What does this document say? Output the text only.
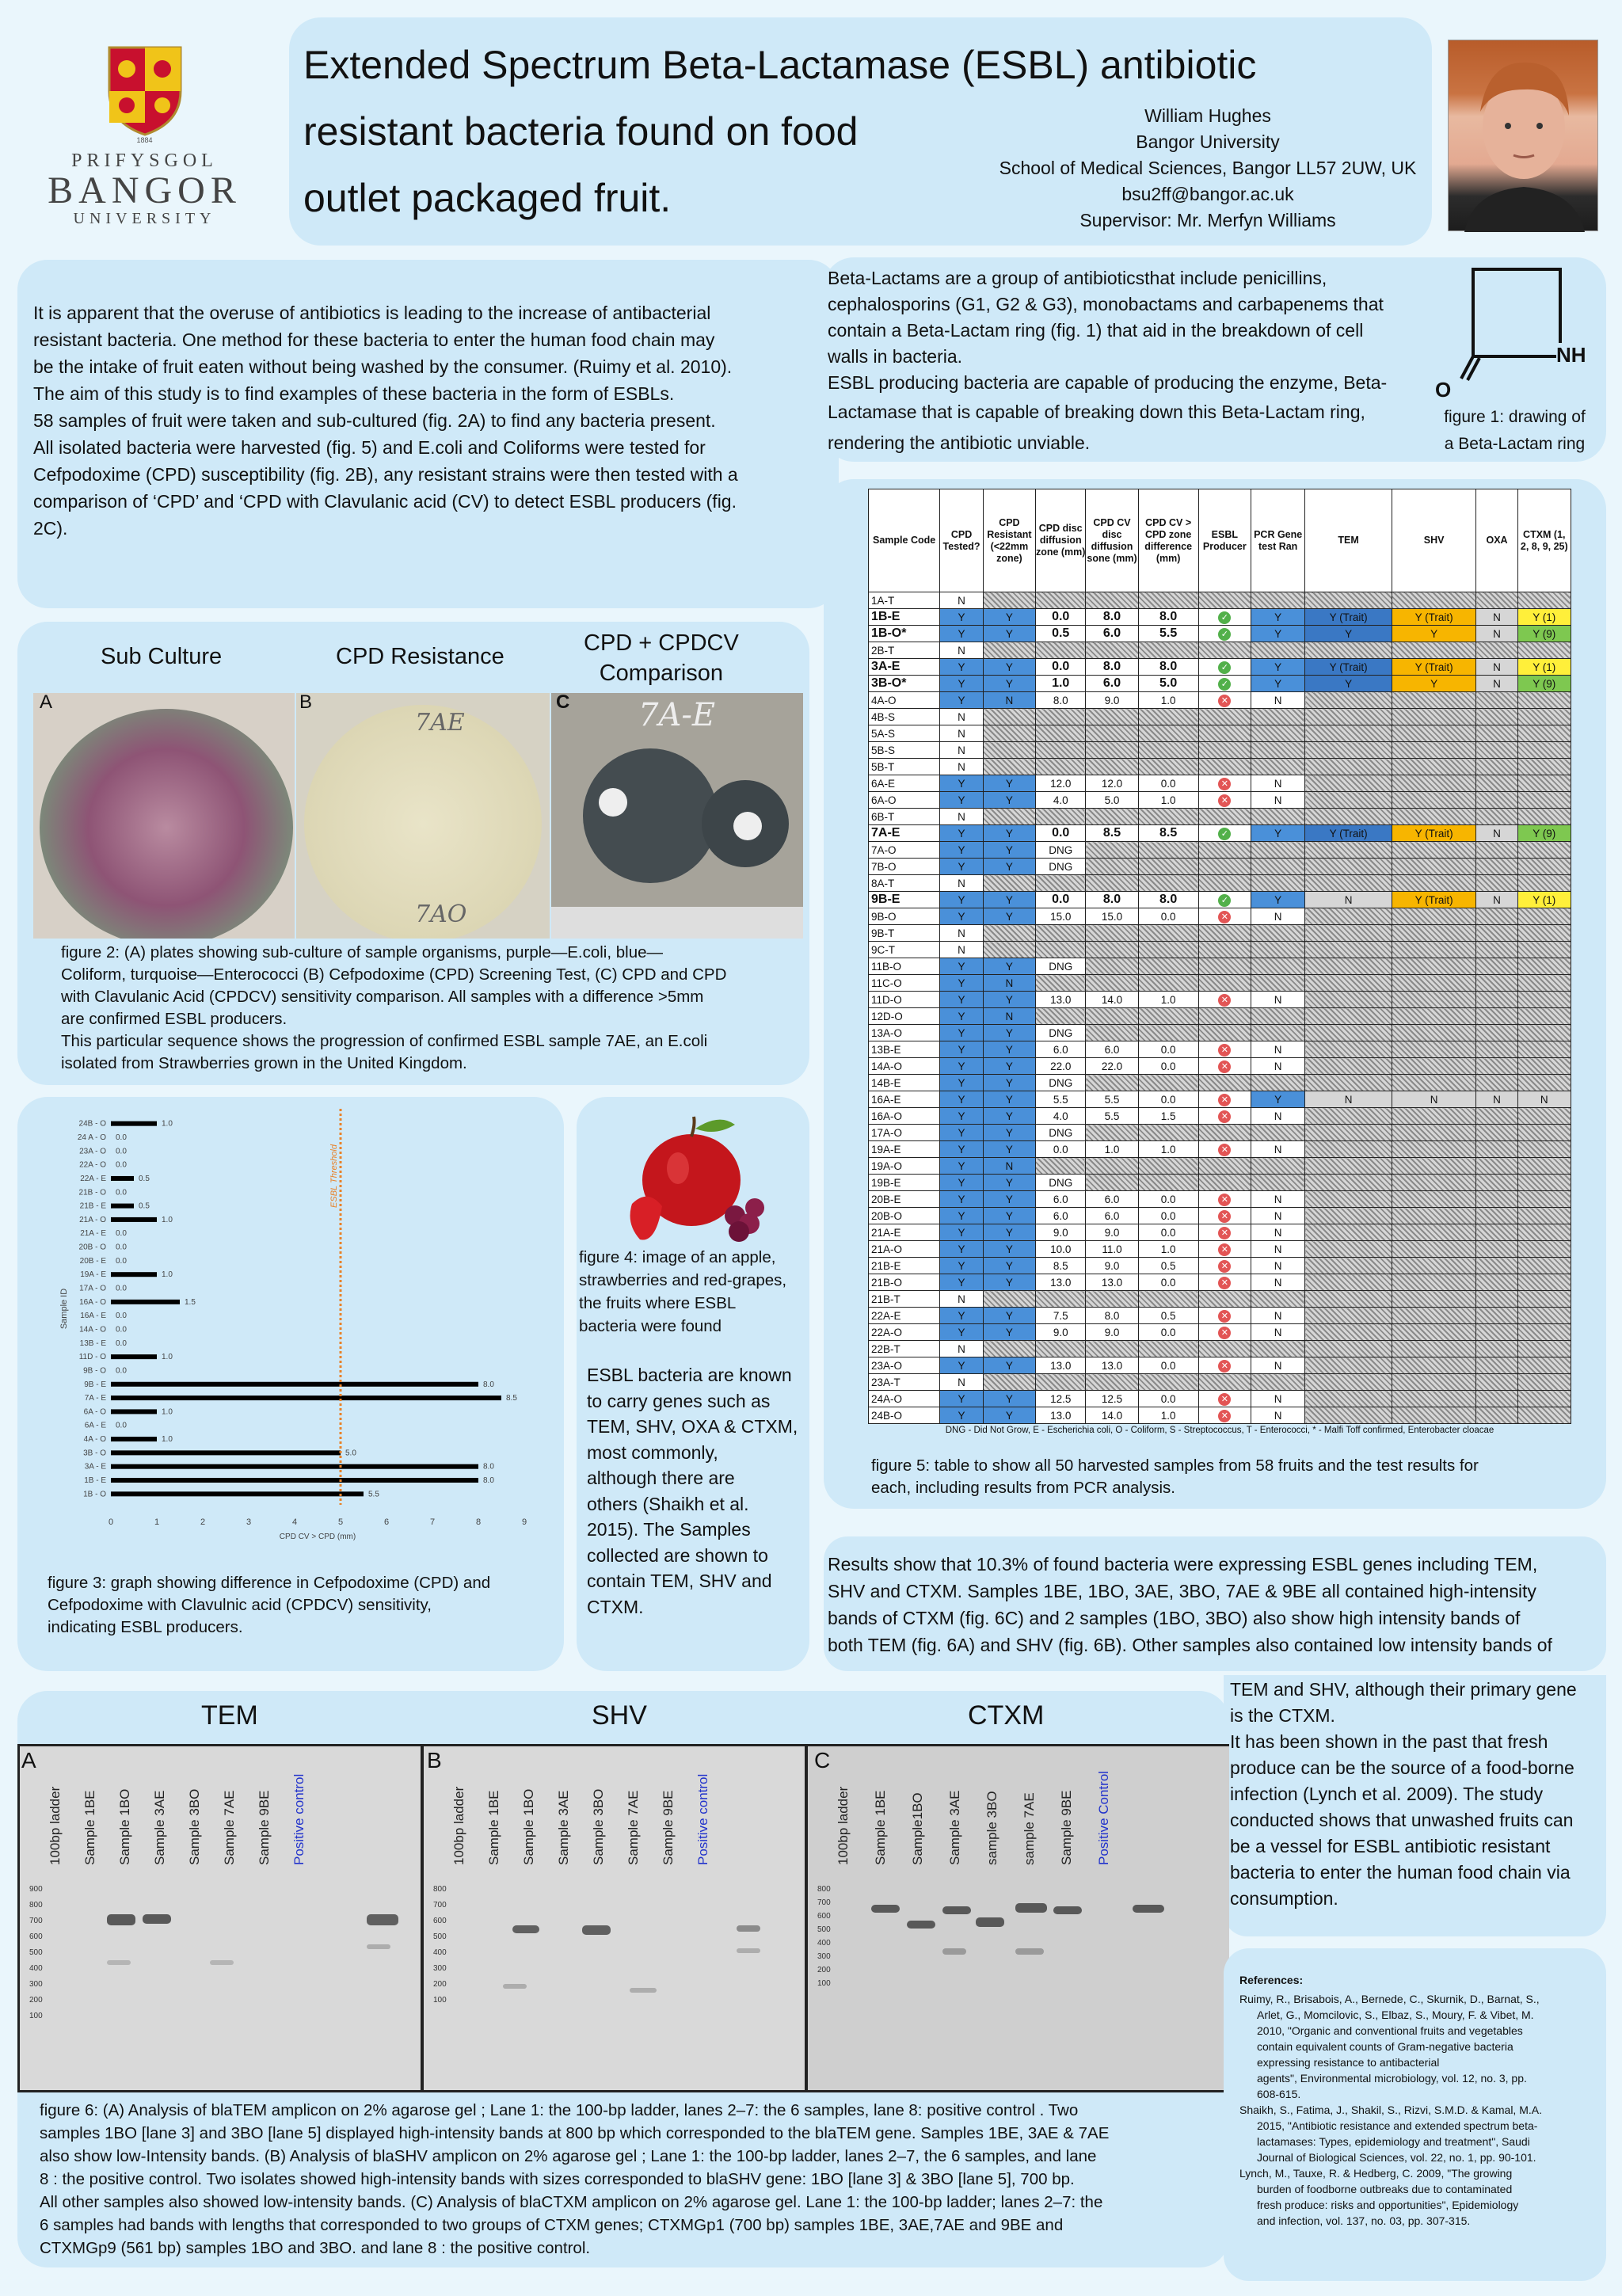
1884
PRIFYSGOL
BANGOR
UNIVERSITY
Extended Spectrum Beta-Lactamase (ESBL) antibiotic
resistant bacteria found on food
outlet packaged fruit.
William Hughes
Bangor University
School of Medical Sciences, Bangor LL57 2UW, UK
bsu2ff@bangor.ac.uk
Supervisor: Mr. Merfyn Williams

It is apparent that the overuse of antibiotics is leading to the increase of antibacterial

resistant bacteria. One method for these bacteria to enter the human food chain may

be the intake of fruit eaten without being washed by the consumer. (Ruimy et al. 2010).

The aim of this study is to find examples of these bacteria in the form of ESBLs.

58 samples of fruit were taken and sub-cultured (fig. 2A) to find any bacteria present.

All isolated bacteria were harvested (fig. 5) and E.coli and Coliforms were tested for

Cefpodoxime (CPD) susceptibility (fig. 2B), any resistant strains were then tested with a

comparison of ‘CPD’ and ‘CPD with Clavulanic acid (CV) to detect ESBL producers (fig.

2C).

Beta-Lactams are a group of antibioticsthat include penicillins,

cephalosporins (G1, G2 & G3), monobactams and carbapenems that

contain a Beta-Lactam ring (fig. 1) that aid in the breakdown of cell

walls in bacteria.

ESBL producing bacteria are capable of producing the enzyme, Beta-

Lactamase that is capable of breaking down this Beta-Lactam ring,

rendering the antibiotic unviable.

NH
O
figure 1: drawing of
a Beta-Lactam ring
Sub Culture	CPD Resistance
CPD + CPDCV
Comparison
A
7AE
7AO
B	7A-E
C
figure 2: (A) plates showing sub-culture of sample organisms, purple—E.coli, blue—
Coliform, turquoise—Enterococci (B) Cefpodoxime (CPD) Screening Test, (C) CPD and CPD
with Clavulanic Acid (CPDCV) sensitivity comparison. All samples with a difference >5mm
are confirmed ESBL producers.
This particular sequence shows the progression of confirmed ESBL sample 7AE, an E.coli
isolated from Strawberries grown in the United Kingdom.
24B - O	1.0
24 A - O 0.0
23A - O 0.0
22A - O 0.0
22A - E	0.5
21B - O 0.0
21B - E	0.5
21A - O	1.0
21A - E 0.0
20B - O 0.0
20B - E 0.0
19A - E	1.0
17A - O 0.0
16A - O	1.5
16A - E 0.0
14A - O 0.0
13B - E 0.0
11D - O	1.0
9B - O 0.0
9B - E	8.0
7A - E	8.5
6A - O	1.0
6A - E 0.0
4A - O	1.0
3B - O	5.0
3A - E	8.0
1B - E	8.0
1B - O	5.5
0	1	2	3	4	5	6	7	8	9
CPD CV > CPD (mm)
Sample ID
ESBL Threshold
figure 3: graph showing difference in Cefpodoxime (CPD) and
Cefpodoxime with Clavulnic acid (CPDCV) sensitivity,
indicating ESBL producers.
figure 4: image of an apple,
strawberries and red-grapes,
the fruits where ESBL
bacteria were found
ESBL bacteria are known
to carry genes such as
TEM, SHV, OXA & CTXM,
most commonly,
although there are
others (Shaikh et al.
2015). The Samples
collected are shown to
contain TEM, SHV and
CTXM.
Sample Code	CPD Tested?	CPD Resistant (<22mm zone)	CPD disc diffusion zone (mm)	CPD CV disc diffusion sone (mm)	CPD CV > CPD zone difference (mm)	ESBL Producer	PCR Gene test Ran	TEM	SHV	OXA	CTXM (1, 2, 8, 9, 25)
1A-T	N										
1B-E	Y	Y	0.0	8.0	8.0	✓	Y	Y (Trait)	Y (Trait)	N	Y (1)
1B-O*	Y	Y	0.5	6.0	5.5	✓	Y	Y	Y	N	Y (9)
2B-T	N										
3A-E	Y	Y	0.0	8.0	8.0	✓	Y	Y (Trait)	Y (Trait)	N	Y (1)
3B-O*	Y	Y	1.0	6.0	5.0	✓	Y	Y	Y	N	Y (9)
4A-O	Y	N	8.0	9.0	1.0	✕	N				
4B-S	N										
5A-S	N										
5B-S	N										
5B-T	N										
6A-E	Y	Y	12.0	12.0	0.0	✕	N				
6A-O	Y	Y	4.0	5.0	1.0	✕	N				
6B-T	N										
7A-E	Y	Y	0.0	8.5	8.5	✓	Y	Y (Trait)	Y (Trait)	N	Y (9)
7A-O	Y	Y	DNG								
7B-O	Y	Y	DNG								
8A-T	N										
9B-E	Y	Y	0.0	8.0	8.0	✓	Y	N	Y (Trait)	N	Y (1)
9B-O	Y	Y	15.0	15.0	0.0	✕	N				
9B-T	N										
9C-T	N										
11B-O	Y	Y	DNG								
11C-O	Y	N									
11D-O	Y	Y	13.0	14.0	1.0	✕	N				
12D-O	Y	N									
13A-O	Y	Y	DNG								
13B-E	Y	Y	6.0	6.0	0.0	✕	N				
14A-O	Y	Y	22.0	22.0	0.0	✕	N				
14B-E	Y	Y	DNG								
16A-E	Y	Y	5.5	5.5	0.0	✕	Y	N	N	N	N
16A-O	Y	Y	4.0	5.5	1.5	✕	N				
17A-O	Y	Y	DNG								
19A-E	Y	Y	0.0	1.0	1.0	✕	N				
19A-O	Y	N									
19B-E	Y	Y	DNG								
20B-E	Y	Y	6.0	6.0	0.0	✕	N				
20B-O	Y	Y	6.0	6.0	0.0	✕	N				
21A-E	Y	Y	9.0	9.0	0.0	✕	N				
21A-O	Y	Y	10.0	11.0	1.0	✕	N				
21B-E	Y	Y	8.5	9.0	0.5	✕	N				
21B-O	Y	Y	13.0	13.0	0.0	✕	N				
21B-T	N										
22A-E	Y	Y	7.5	8.0	0.5	✕	N				
22A-O	Y	Y	9.0	9.0	0.0	✕	N				
22B-T	N										
23A-O	Y	Y	13.0	13.0	0.0	✕	N				
23A-T	N										
24A-O	Y	Y	12.5	12.5	0.0	✕	N				
24B-O	Y	Y	13.0	14.0	1.0	✕	N				
DNG - Did Not Grow, E - Escherichia coli, O - Coliform, S - Streptococcus, T - Enterococci, * - Malfi Toff confirmed, Enterobacter cloacae
figure 5: table to show all 50 harvested samples from 58 fruits and the test results for
each, including results from PCR analysis.

Results show that 10.3% of found bacteria were expressing ESBL genes including TEM,

SHV and CTXM. Samples 1BE, 1BO, 3AE, 3BO, 7AE & 9BE all contained high-intensity

bands of CTXM (fig. 6C) and 2 samples (1BO, 3BO) also show high intensity bands of

both TEM (fig. 6A) and SHV (fig. 6B). Other samples also contained low intensity bands of

TEM and SHV, although their primary gene
is the CTXM.
It has been shown in the past that fresh
produce can be the source of a food-borne
infection (Lynch et al. 2009). The study
conducted shows that unwashed fruits can
be a vessel for ESBL antibiotic resistant
bacteria to enter the human food chain via
consumption.
TEM	SHV	CTXM
A
100bp ladder Sample 1BE Sample 1BO Sample 3AE Sample 3BO Sample 7AE Sample 9BE Positive control
900
800
700
600
500
400
300
200
100
B
100bp ladder Sample 1BE Sample 1BO Sample 3AE Sample 3BO Sample 7AE Sample 9BE Positive control
800
700
600
500
400
300
200
100
C
100bp ladder Sample 1BE Sample1BO Sample 3AE sample 3BO sample 7AE Sample 9BE Positive Control
800
700
600
500
400
300
200
100
figure 6: (A) Analysis of blaTEM amplicon on 2% agarose gel ; Lane 1: the 100-bp ladder, lanes 2–7: the 6 samples, lane 8: positive control . Two
samples 1BO [lane 3] and 3BO [lane 5] displayed high-intensity bands at 800 bp which corresponded to the blaTEM gene. Samples 1BE, 3AE & 7AE
also show low-Intensity bands. (B) Analysis of blaSHV amplicon on 2% agarose gel ; Lane 1: the 100-bp ladder, lanes 2–7, the 6 samples, and lane
8 : the positive control. Two isolates showed high-intensity bands with sizes corresponded to blaSHV gene: 1BO [lane 3] & 3BO [lane 5], 700 bp.
All other samples also showed low-intensity bands. (C) Analysis of blaCTXM amplicon on 2% agarose gel. Lane 1: the 100-bp ladder; lanes 2–7: the
6 samples had bands with lengths that corresponded to two groups of CTXM genes; CTXMGp1 (700 bp) samples 1BE, 3AE,7AE and 9BE and
CTXMGp9 (561 bp) samples 1BO and 3BO. and lane 8 : the positive control.
References:
Ruimy, R., Brisabois, A., Bernede, C., Skurnik, D., Barnat, S.,
Arlet, G., Momcilovic, S., Elbaz, S., Moury, F. & Vibet, M.
2010, "Organic and conventional fruits and vegetables
contain equivalent counts of Gram-negative bacteria
expressing resistance to antibacterial
agents", Environmental microbiology, vol. 12, no. 3, pp.
608-615.
Shaikh, S., Fatima, J., Shakil, S., Rizvi, S.M.D. & Kamal, M.A.
2015, "Antibiotic resistance and extended spectrum beta-
lactamases: Types, epidemiology and treatment", Saudi
Journal of Biological Sciences, vol. 22, no. 1, pp. 90-101.
Lynch, M., Tauxe, R. & Hedberg, C. 2009, "The growing
burden of foodborne outbreaks due to contaminated
fresh produce: risks and opportunities", Epidemiology
and infection, vol. 137, no. 03, pp. 307-315.
